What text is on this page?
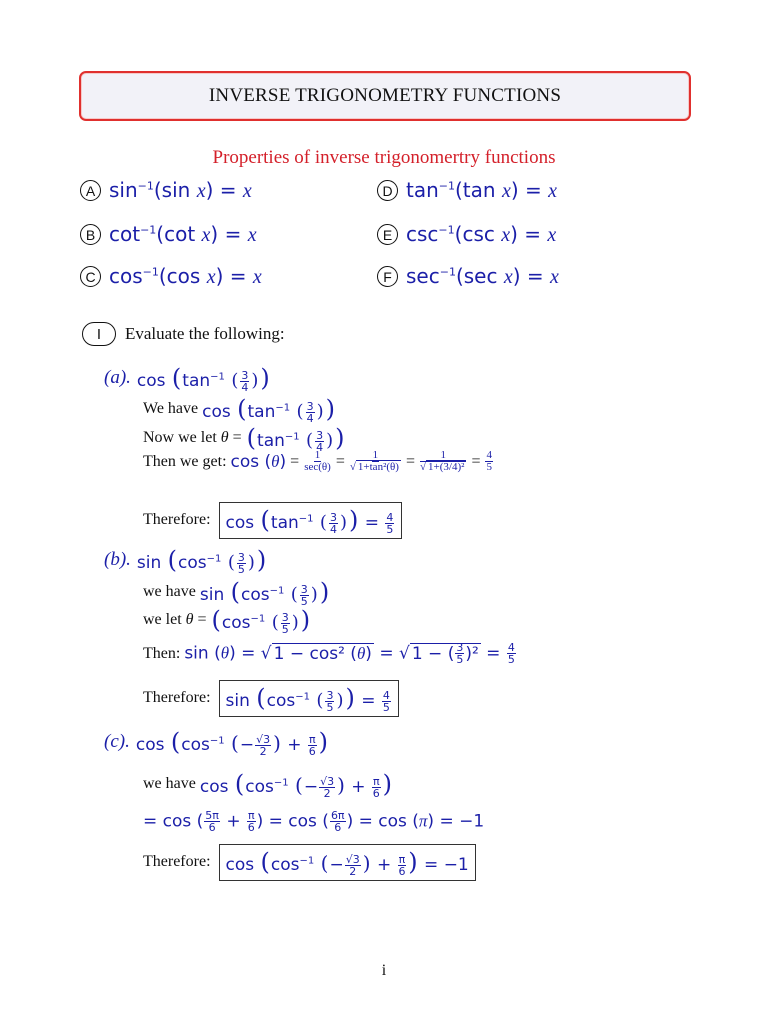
INVERSE TRIGONOMETRY FUNCTIONS
Properties of inverse trigonomertry functions
A $\sin^{-1}(\sin$ x) = x
B $\cot^{-1}(\cot$ x) = x
C $\cos^{-1}(\cos$ x) = x
D $\tan^{-1}(\tan$ x) = x
E $\csc^{-1}(\csc$ x) = x
F $\sec^{-1}(\sec$ x) = x
I	Evaluate the following:
(a). $\cos (\tan^{-1}$ ( $\frac{3}{4}$ ))
We have
$\cos (\tan^{-1}$ ( $\frac{3}{4}$ ))
Now we let
$\theta = (\tan^{-1}$ ( $\frac{3}{4}$ ))
Then we get:
$\cos (\theta) = \frac{1}{\sec(\theta)} = \frac{1}{\text{√ 1+tan²(θ)}} = \frac{1}{\text{√ 1+(3/4)²}} = \frac{4}{5}$
Therefore: $\cos (\tan^{-1}$ ( $\frac{3}{4}$ )) = $\frac{4}{5}$
(b). $\sin (\cos^{-1}$ ( $\frac{3}{5}$ ))
we have
$\sin (\cos^{-1}$ ( $\frac{3}{5}$ ))
we let
$\theta = (\cos^{-1}$ ( $\frac{3}{5}$ ))
Then:
sin (θ) = √ 1 − cos² (θ) = √ 1 − ( $\frac{3}{5} )^2 = \frac{4}{5}$
Therefore: $\sin (\cos^{-1}$ ( $\frac{3}{5}$ )) = $\frac{4}{5}$
(c). $\cos (\cos^{-1}$ (− $\frac{√3}{2}$ ) + $\frac{\pi}{6}$ )
we have
$\cos (\cos^{-1}$ (− $\frac{√3}{2}$ ) + $\frac{\pi}{6}$ )
= cos ( $\frac{5\pi}{6} + \frac{\pi}{6}$ ) = cos ( $\frac{6\pi}{6}$ ) = cos (π) = −1
Therefore: $\cos (\cos^{-1}$ (− $\frac{√3}{2}$ ) + $\frac{\pi}{6}$ ) = −1
i
